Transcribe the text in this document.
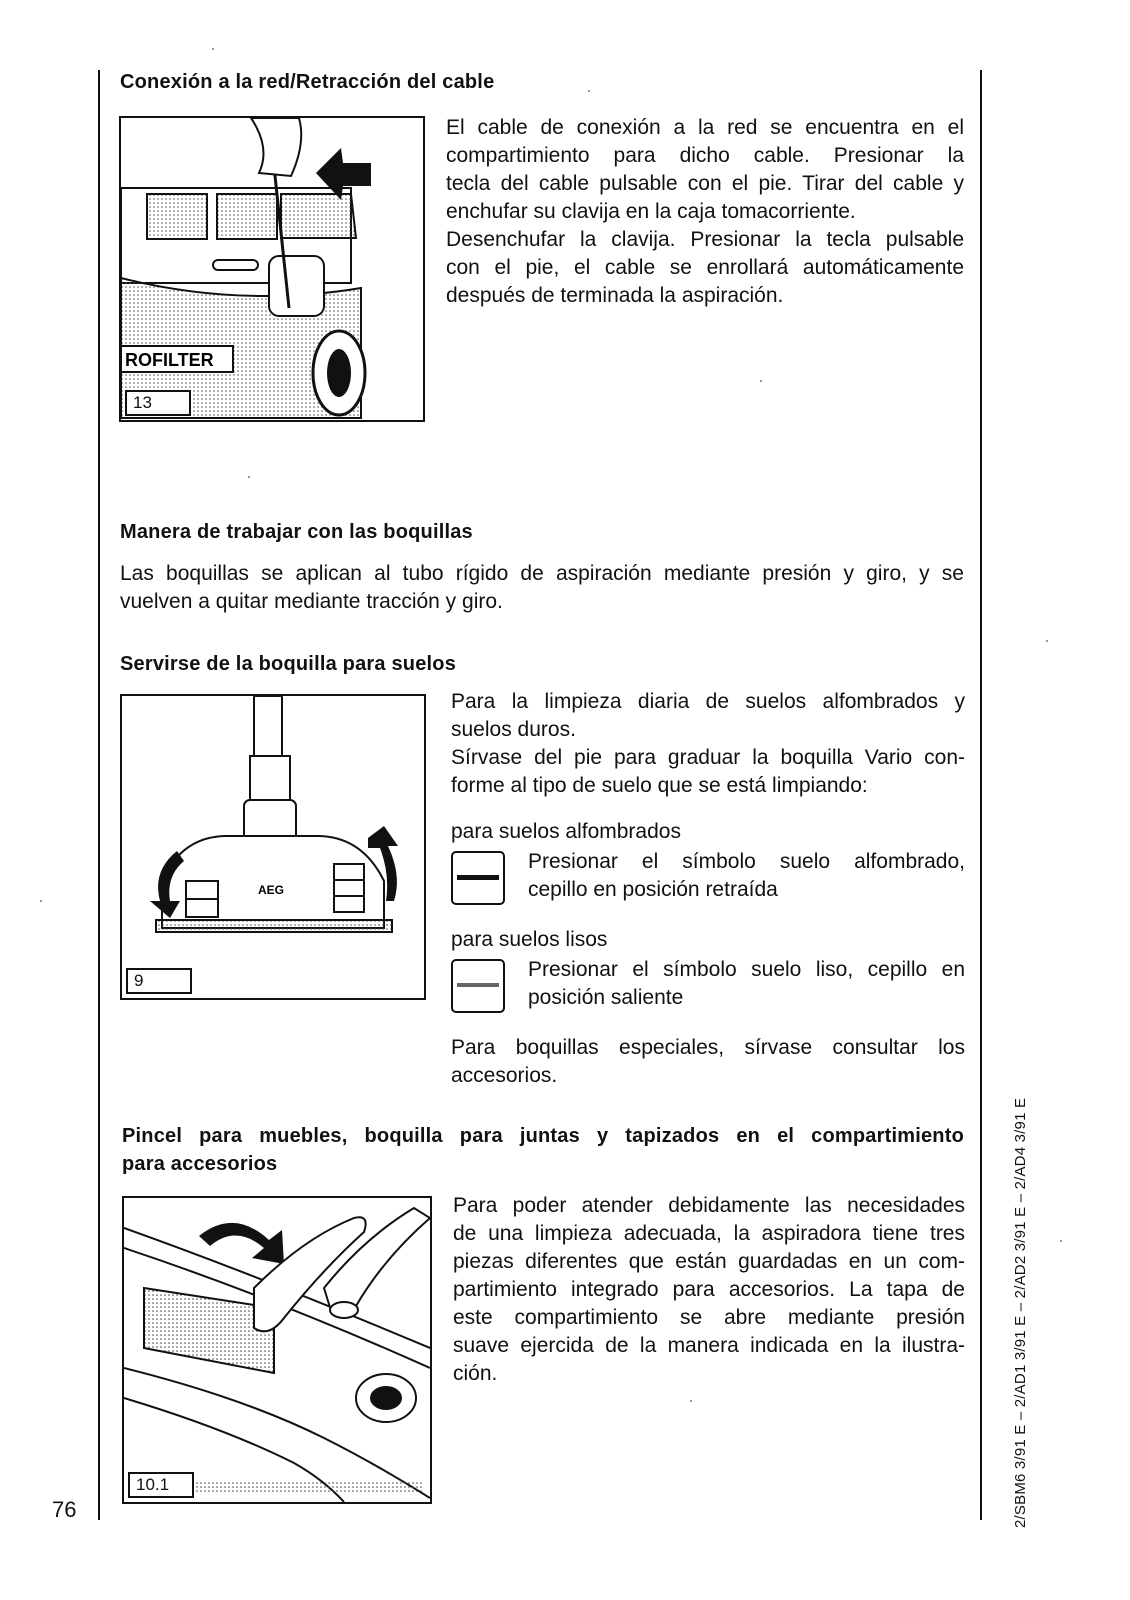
Conexión a la red/Retracción del cable
ROFILTER
13
El cable de conexión a la red se encuentra en el
compartimiento para dicho cable. Presionar la
tecla del cable pulsable con el pie. Tirar del cable y
enchufar su clavija en la caja tomacorriente.
Desenchufar la clavija. Presionar la tecla pulsable
con el pie, el cable se enrollará automáticamente
después de terminada la aspiración.
Manera de trabajar con las boquillas
Las boquillas se aplican al tubo rígido de aspiración mediante presión y giro, y se
vuelven a quitar mediante tracción y giro.
Servirse de la boquilla para suelos
AEG
9
Para la limpieza diaria de suelos alfombrados y
suelos duros.
Sírvase del pie para graduar la boquilla Vario con-
forme al tipo de suelo que se está limpiando:
para suelos alfombrados
Presionar el símbolo suelo alfombrado,
cepillo en posición retraída
para suelos lisos
Presionar el símbolo suelo liso, cepillo en
posición saliente
Para boquillas especiales, sírvase consultar los
accesorios.
Pincel para muebles, boquilla para juntas y tapizados en el compartimiento
para accesorios
10.1
Para poder atender debidamente las necesidades
de una limpieza adecuada, la aspiradora tiene tres
piezas diferentes que están guardadas en un com-
partimiento integrado para accesorios. La tapa de
este compartimiento se abre mediante presión
suave ejercida de la manera indicada en la ilustra-
ción.
76	2/SBM6 3/91 E – 2/AD1 3/91 E – 2/AD2 3/91 E – 2/AD4 3/91 E
